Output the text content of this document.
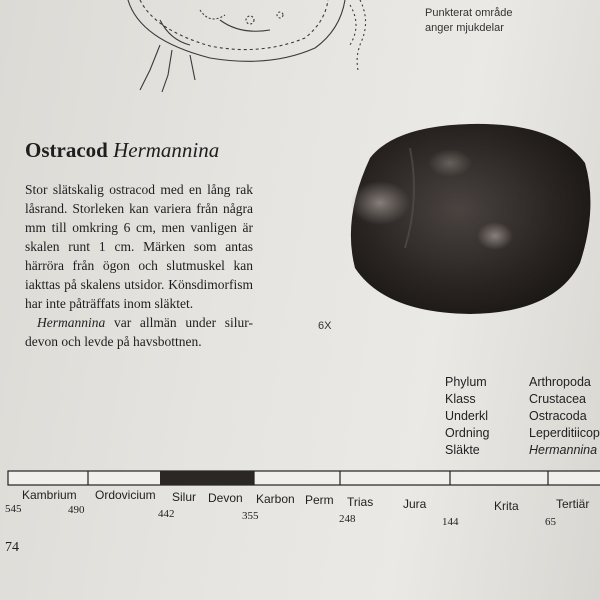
Punkterat område
anger mjukdelar
Ostracod Hermannina

Stor slätskalig ostracod med en lång rak låsrand. Storleken kan variera från några mm till omkring 6 cm, men vanligen är skalen runt 1 cm. Märken som antas härröra från ögon och slutmuskel kan iakttas på skalens utsidor. Könsdimorfism har inte påträffats inom släktet.

Hermannina var allmän under silur-devon och levde på havsbottnen.

6X
Phylum	Arthropoda
Klass	Crustacea
Underkl	Ostracoda
Ordning	Leperditiicop
Släkte	Hermannina
Kambrium Ordovicium Silur Devon Karbon Perm Trias Jura	Krita	Tertiär
545	490	442	355	248	144	65
74
